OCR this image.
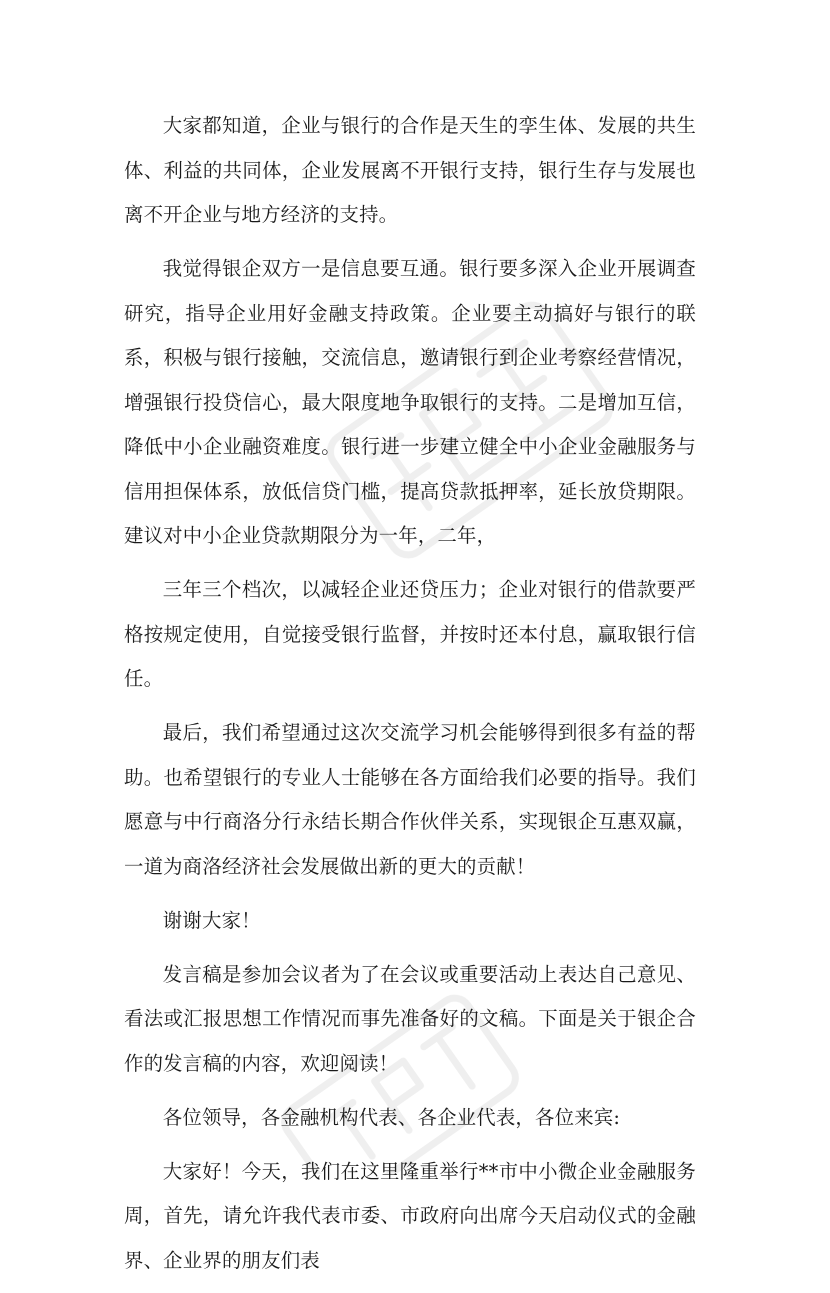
大家都知道，企业与银行的合作是天生的孪生体、发展的共生体、利益的共同体，企业发展离不开银行支持，银行生存与发展也离不开企业与地方经济的支持。

我觉得银企双方一是信息要互通。银行要多深入企业开展调查研究，指导企业用好金融支持政策。企业要主动搞好与银行的联系，积极与银行接触，交流信息，邀请银行到企业考察经营情况，增强银行投贷信心，最大限度地争取银行的支持。二是增加互信，降低中小企业融资难度。银行进一步建立健全中小企业金融服务与信用担保体系，放低信贷门槛，提高贷款抵押率，延长放贷期限。建议对中小企业贷款期限分为一年，二年，

三年三个档次，以减轻企业还贷压力；企业对银行的借款要严格按规定使用，自觉接受银行监督，并按时还本付息，赢取银行信任。

最后，我们希望通过这次交流学习机会能够得到很多有益的帮助。也希望银行的专业人士能够在各方面给我们必要的指导。我们愿意与中行商洛分行永结长期合作伙伴关系，实现银企互惠双赢，一道为商洛经济社会发展做出新的更大的贡献！

谢谢大家！

发言稿是参加会议者为了在会议或重要活动上表达自己意见、看法或汇报思想工作情况而事先准备好的文稿。下面是关于银企合作的发言稿的内容，欢迎阅读！

各位领导，各金融机构代表、各企业代表，各位来宾:

大家好！今天，我们在这里隆重举行**市中小微企业金融服务周，首先，请允许我代表市委、市政府向出席今天启动仪式的金融界、企业界的朋友们表
